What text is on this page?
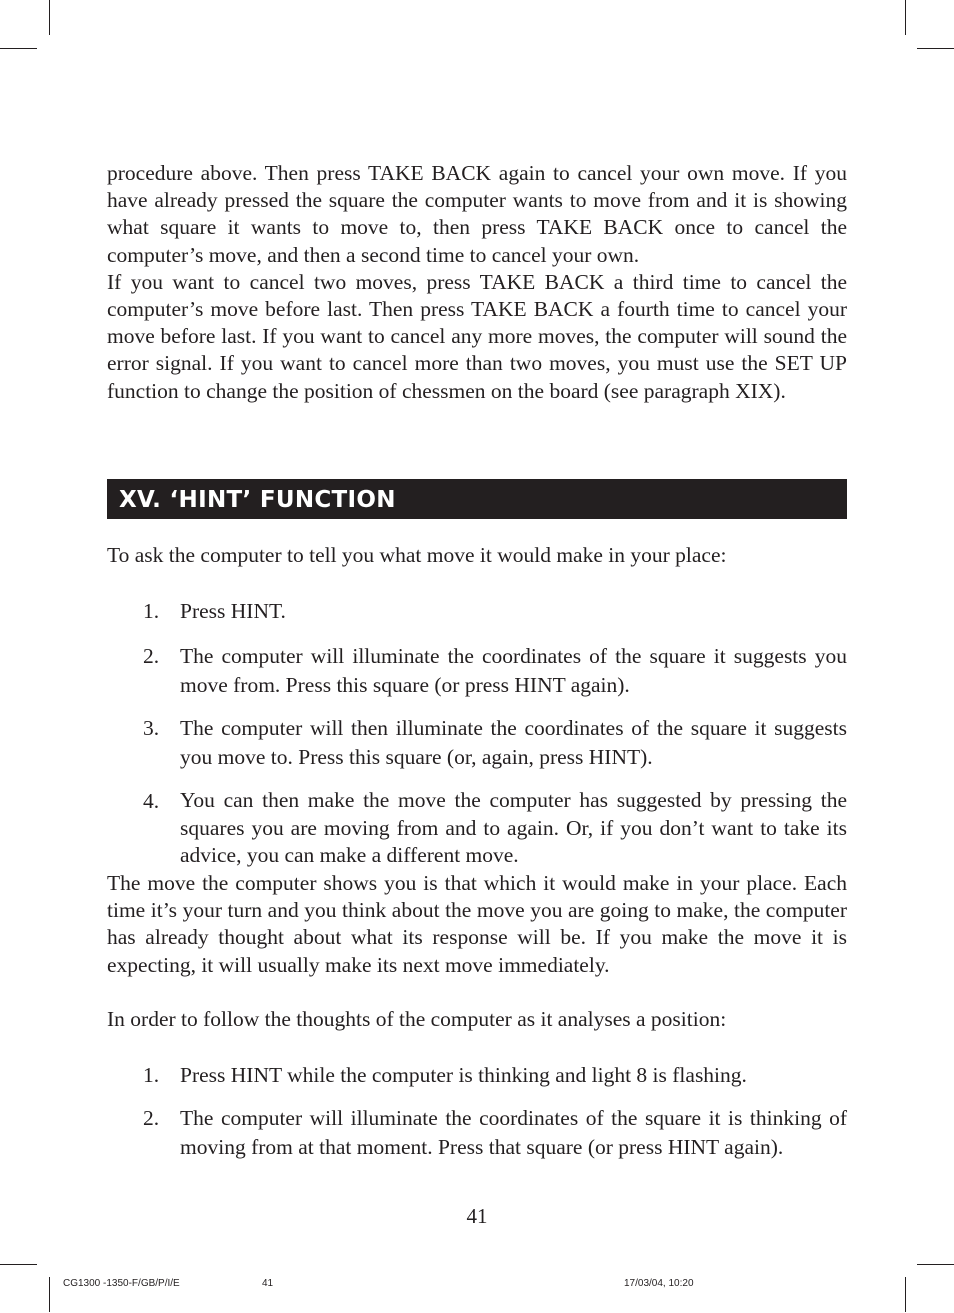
procedure above. Then press TAKE BACK again to cancel your own move. If you have already pressed the square the computer wants to move from and it is showing what square it wants to move to, then press TAKE BACK once to cancel the computer’s move, and then a second time to cancel your own.

If you want to cancel two moves, press TAKE BACK a third time to cancel the computer’s move before last. Then press TAKE BACK a fourth time to cancel your move before last. If you want to cancel any more moves, the computer will sound the error signal. If you want to cancel more than two moves, you must use the SET UP function to change the position of chessmen on the board (see paragraph XIX).

XV. ‘HINT’ FUNCTION
To ask the computer to tell you what move it would make in your place:
1. Press HINT.
2. The computer will illuminate the coordinates of the square it suggests you move from. Press this square (or press HINT again).
3. The computer will then illuminate the coordinates of the square it suggests you move to. Press this square (or, again, press HINT).
4. You can then make the move the computer has suggested by pressing the squares you are moving from and to again. Or, if you don’t want to take its advice, you can make a different move.
The move the computer shows you is that which it would make in your place. Each time it’s your turn and you think about the move you are going to make, the computer has already thought about what its response will be. If you make the move it is expecting, it will usually make its next move immediately.
In order to follow the thoughts of the computer as it analyses a position:
1. Press HINT while the computer is thinking and light 8 is flashing.
2. The computer will illuminate the coordinates of the square it is thinking of moving from at that moment. Press that square (or press HINT again).
41
CG1300 -1350-F/GB/P/I/E	41	17/03/04, 10:20
